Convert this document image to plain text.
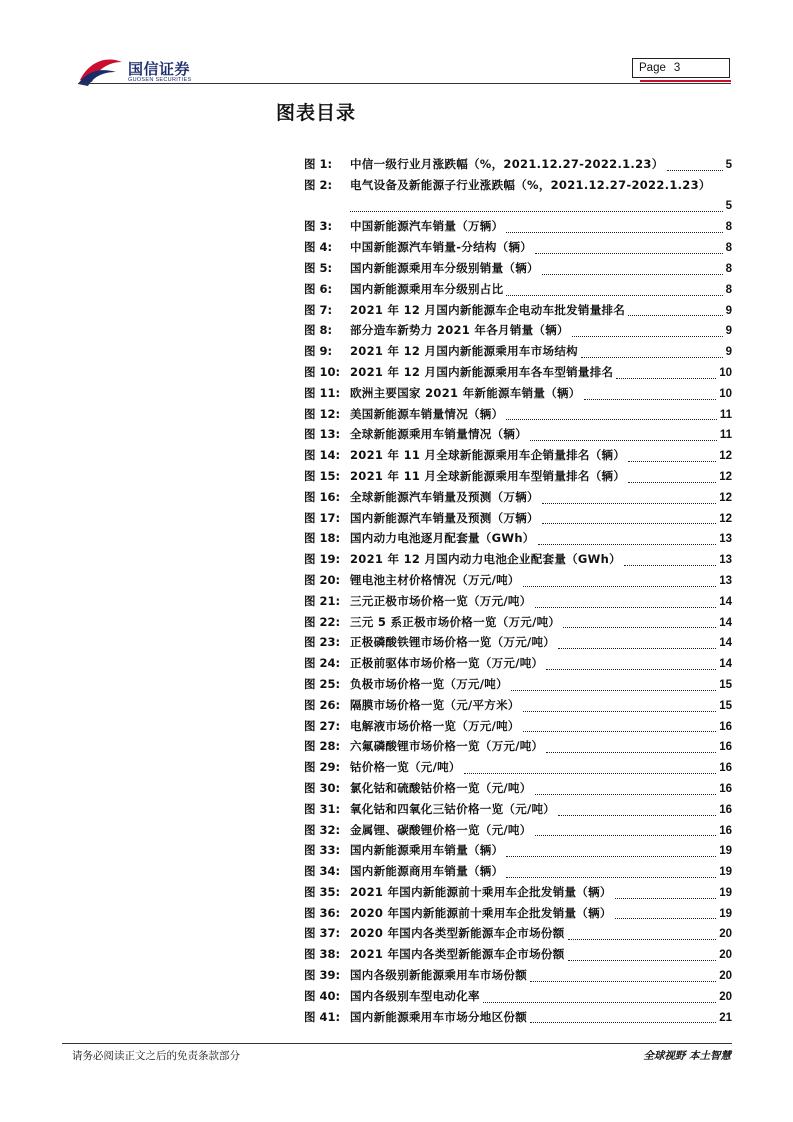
国信证券
GUOSEN SECURITIES
Page 3
图表目录
图 1:	中信一级行业月涨跌幅（%，2021.12.27-2022.1.23）	5
图 2:	电气设备及新能源子行业涨跌幅（%，2021.12.27-2022.1.23）
5
图 3:	中国新能源汽车销量（万辆）	8
图 4:	中国新能源汽车销量-分结构（辆）	8
图 5:	国内新能源乘用车分级别销量（辆）	8
图 6:	国内新能源乘用车分级别占比	8
图 7:	2021 年 12 月国内新能源车企电动车批发销量排名	9
图 8:	部分造车新势力 2021 年各月销量（辆）	9
图 9:	2021 年 12 月国内新能源乘用车市场结构	9
图 10: 2021 年 12 月国内新能源乘用车各车型销量排名	10
图 11: 欧洲主要国家 2021 年新能源车销量（辆）	10
图 12: 美国新能源车销量情况（辆）	11
图 13: 全球新能源乘用车销量情况（辆）	11
图 14: 2021 年 11 月全球新能源乘用车企销量排名（辆）	12
图 15: 2021 年 11 月全球新能源乘用车型销量排名（辆）	12
图 16: 全球新能源汽车销量及预测（万辆）	12
图 17: 国内新能源汽车销量及预测（万辆）	12
图 18: 国内动力电池逐月配套量（GWh）	13
图 19: 2021 年 12 月国内动力电池企业配套量（GWh）	13
图 20: 锂电池主材价格情况（万元/吨）	13
图 21: 三元正极市场价格一览（万元/吨）	14
图 22: 三元 5 系正极市场价格一览（万元/吨）	14
图 23: 正极磷酸铁锂市场价格一览（万元/吨）	14
图 24: 正极前驱体市场价格一览（万元/吨）	14
图 25: 负极市场价格一览（万元/吨）	15
图 26: 隔膜市场价格一览（元/平方米）	15
图 27: 电解液市场价格一览（万元/吨）	16
图 28: 六氟磷酸锂市场价格一览（万元/吨）	16
图 29: 钴价格一览（元/吨）	16
图 30: 氯化钴和硫酸钴价格一览（元/吨）	16
图 31: 氧化钴和四氧化三钴价格一览（元/吨）	16
图 32: 金属锂、碳酸锂价格一览（元/吨）	16
图 33: 国内新能源乘用车销量（辆）	19
图 34: 国内新能源商用车销量（辆）	19
图 35: 2021 年国内新能源前十乘用车企批发销量（辆）	19
图 36: 2020 年国内新能源前十乘用车企批发销量（辆）	19
图 37: 2020 年国内各类型新能源车企市场份额	20
图 38: 2021 年国内各类型新能源车企市场份额	20
图 39: 国内各级别新能源乘用车市场份额	20
图 40: 国内各级别车型电动化率	20
图 41: 国内新能源乘用车市场分地区份额	21
请务必阅读正文之后的免责条款部分	全球视野 本土智慧
